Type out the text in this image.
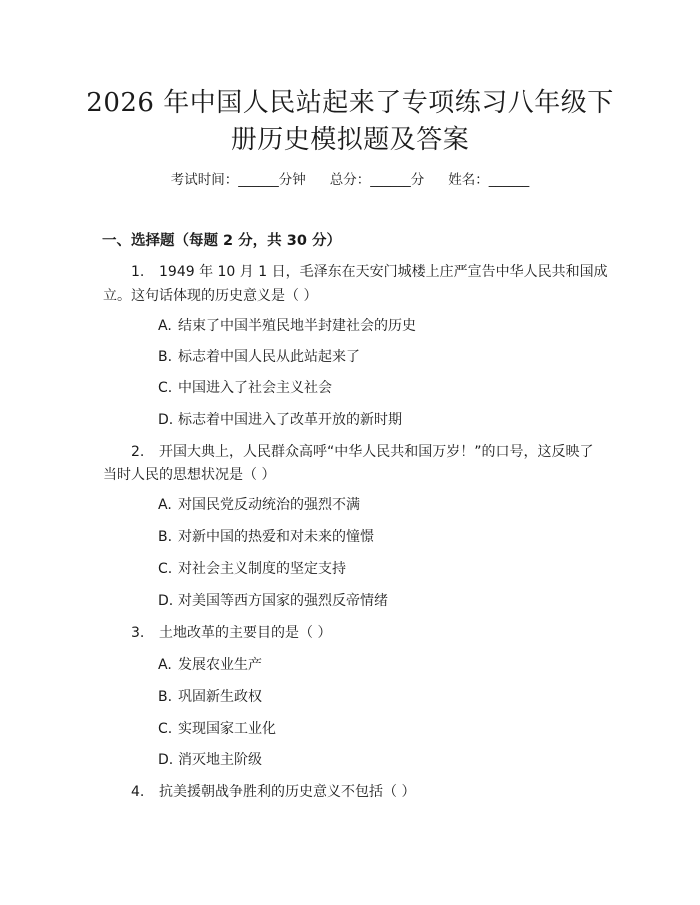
2026 年中国人民站起来了专项练习八年级下
册历史模拟题及答案
考试时间：______分钟 总分：______分 姓名：______
一、选择题（每题 2 分，共 30 分）
1. 1949 年 10 月 1 日，毛泽东在天安门城楼上庄严宣告中华人民共和国成
立。这句话体现的历史意义是（ ）
A. 结束了中国半殖民地半封建社会的历史
B. 标志着中国人民从此站起来了
C. 中国进入了社会主义社会
D. 标志着中国进入了改革开放的新时期
2. 开国大典上，人民群众高呼“中华人民共和国万岁！”的口号，这反映了
当时人民的思想状况是（ ）
A. 对国民党反动统治的强烈不满
B. 对新中国的热爱和对未来的憧憬
C. 对社会主义制度的坚定支持
D. 对美国等西方国家的强烈反帝情绪
3. 土地改革的主要目的是（ ）
A. 发展农业生产
B. 巩固新生政权
C. 实现国家工业化
D. 消灭地主阶级
4. 抗美援朝战争胜利的历史意义不包括（ ）
